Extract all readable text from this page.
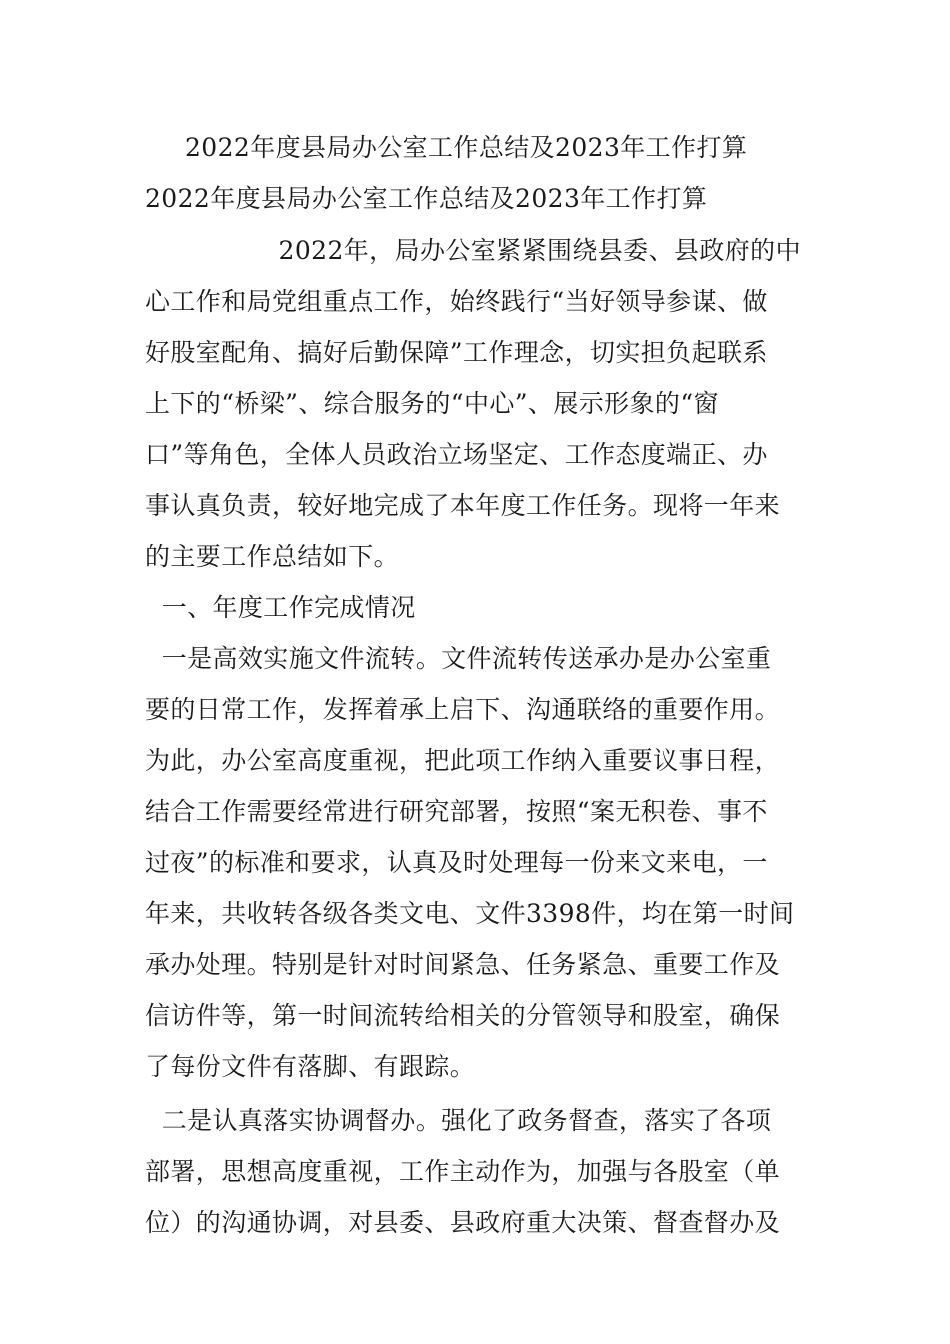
2022年度县局办公室工作总结及2023年工作打算
2022年度县局办公室工作总结及2023年工作打算
2022年，局办公室紧紧围绕县委、县政府的中
心工作和局党组重点工作，始终践行“当好领导参谋、做
好股室配角、搞好后勤保障”工作理念，切实担负起联系
上下的“桥梁”、综合服务的“中心”、展示形象的“窗
口”等角色，全体人员政治立场坚定、工作态度端正、办
事认真负责，较好地完成了本年度工作任务。现将一年来
的主要工作总结如下。
一、年度工作完成情况
一是高效实施文件流转。文件流转传送承办是办公室重
要的日常工作，发挥着承上启下、沟通联络的重要作用。
为此，办公室高度重视，把此项工作纳入重要议事日程，
结合工作需要经常进行研究部署，按照“案无积卷、事不
过夜”的标准和要求，认真及时处理每一份来文来电，一
年来，共收转各级各类文电、文件3398件，均在第一时间
承办处理。特别是针对时间紧急、任务紧急、重要工作及
信访件等，第一时间流转给相关的分管领导和股室，确保
了每份文件有落脚、有跟踪。
二是认真落实协调督办。强化了政务督查，落实了各项
部署，思想高度重视，工作主动作为，加强与各股室（单
位）的沟通协调，对县委、县政府重大决策、督查督办及
